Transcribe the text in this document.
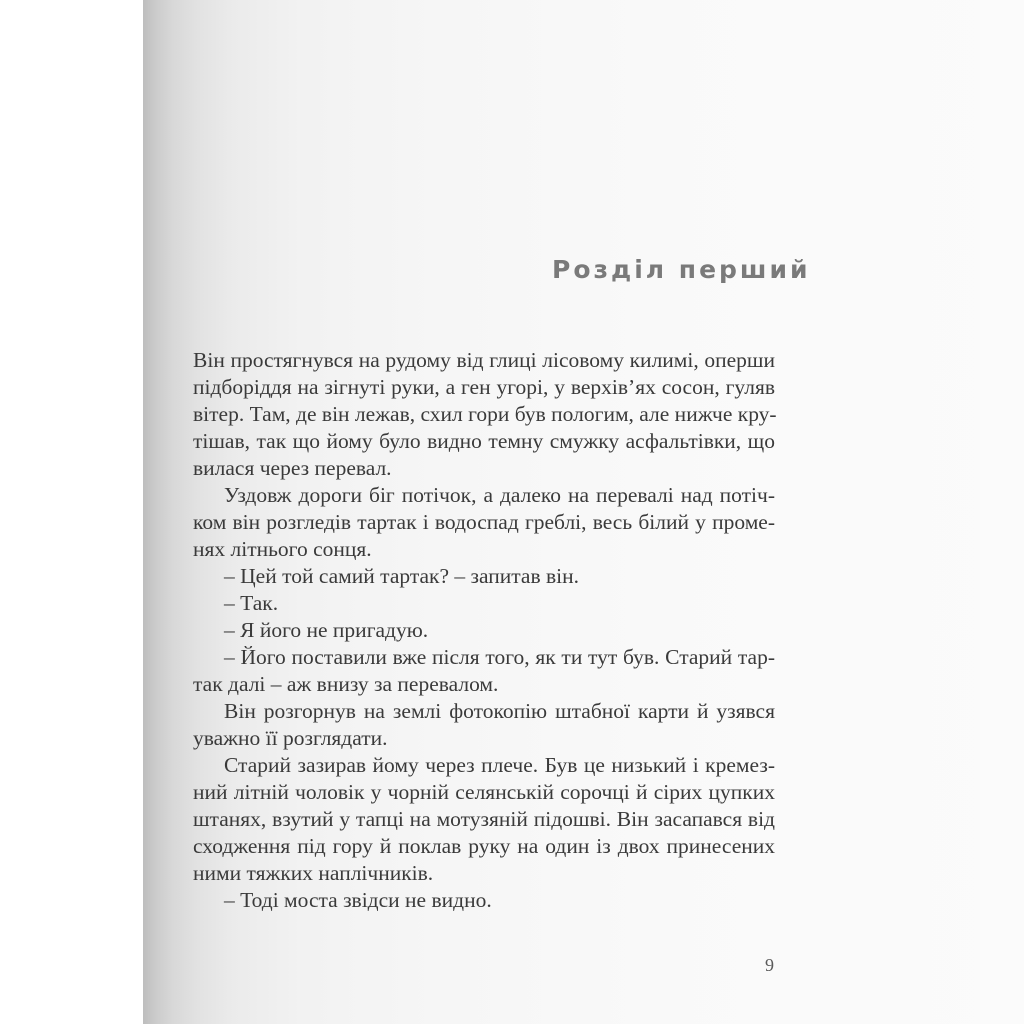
Розділ перший

Він простягнувся на рудому від глиці лісовому килимі, оперши
підборіддя на зігнуті руки, а ген угорі, у верхів’ях сосон, гуляв
вітер. Там, де він лежав, схил гори був пологим, але нижче кру-
тішав, так що йому було видно темну смужку асфальтівки, що
вилася через перевал.

Уздовж дороги біг потічок, а далеко на перевалі над потіч-
ком він розгледів тартак і водоспад греблі, весь білий у проме-
нях літнього сонця.

– Цей той самий тартак? – запитав він.

– Так.

– Я його не пригадую.

– Його поставили вже після того, як ти тут був. Старий тар-
так далі – аж внизу за перевалом.

Він розгорнув на землі фотокопію штабної карти й узявся
уважно її розглядати.

Старий зазирав йому через плече. Був це низький і кремез-
ний літній чоловік у чорній селянській сорочці й сірих цупких
штанях, взутий у тапці на мотузяній підошві. Він засапався від
сходження під гору й поклав руку на один із двох принесених
ними тяжких наплічників.

– Тоді моста звідси не видно.

9
